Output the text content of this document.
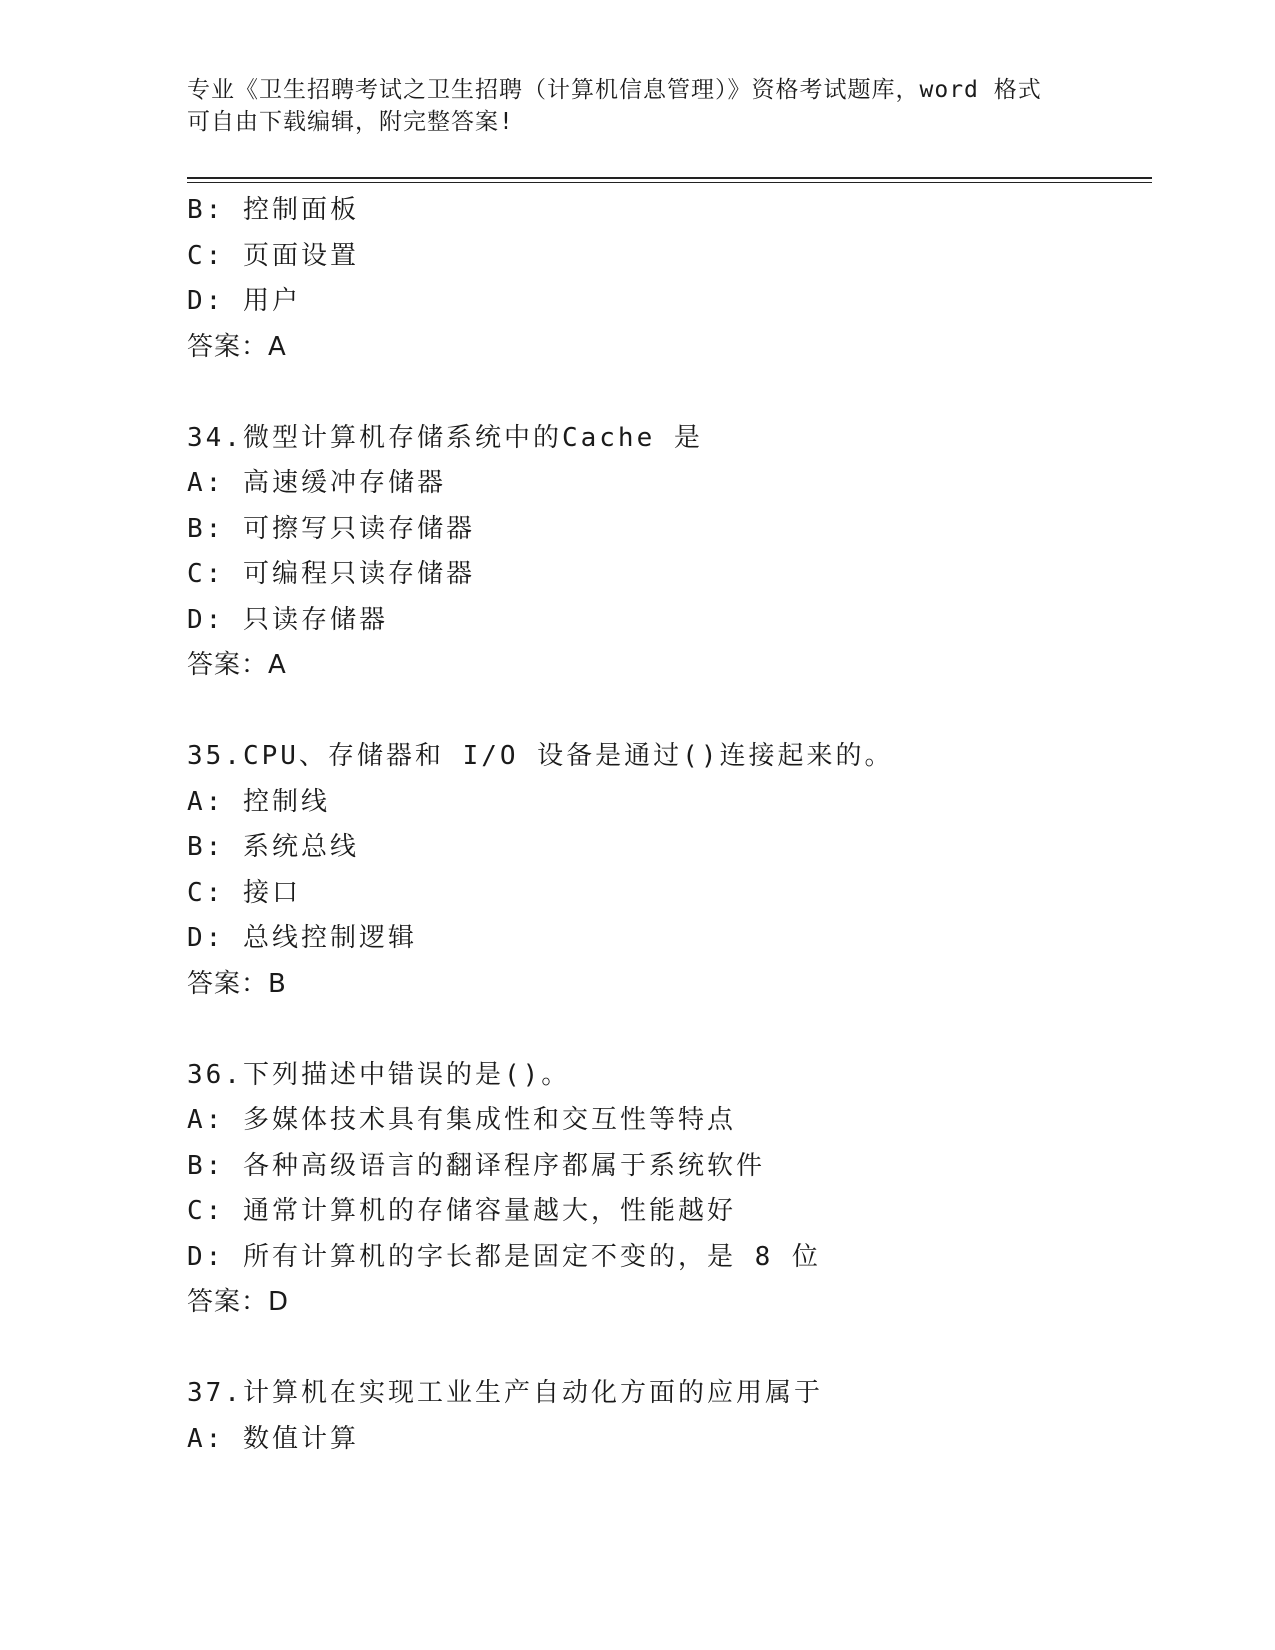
专业《卫生招聘考试之卫生招聘（计算机信息管理）》资格考试题库，word 格式
可自由下载编辑，附完整答案!
B: 控制面板
C: 页面设置
D: 用户
答案：A
34.微型计算机存储系统中的Cache 是
A: 高速缓冲存储器
B: 可擦写只读存储器
C: 可编程只读存储器
D: 只读存储器
答案：A
35.CPU、存储器和 I/O 设备是通过()连接起来的。
A: 控制线
B: 系统总线
C: 接口
D: 总线控制逻辑
答案：B
36.下列描述中错误的是()。
A: 多媒体技术具有集成性和交互性等特点
B: 各种高级语言的翻译程序都属于系统软件
C: 通常计算机的存储容量越大，性能越好
D: 所有计算机的字长都是固定不变的，是 8 位
答案：D
37.计算机在实现工业生产自动化方面的应用属于
A: 数值计算
